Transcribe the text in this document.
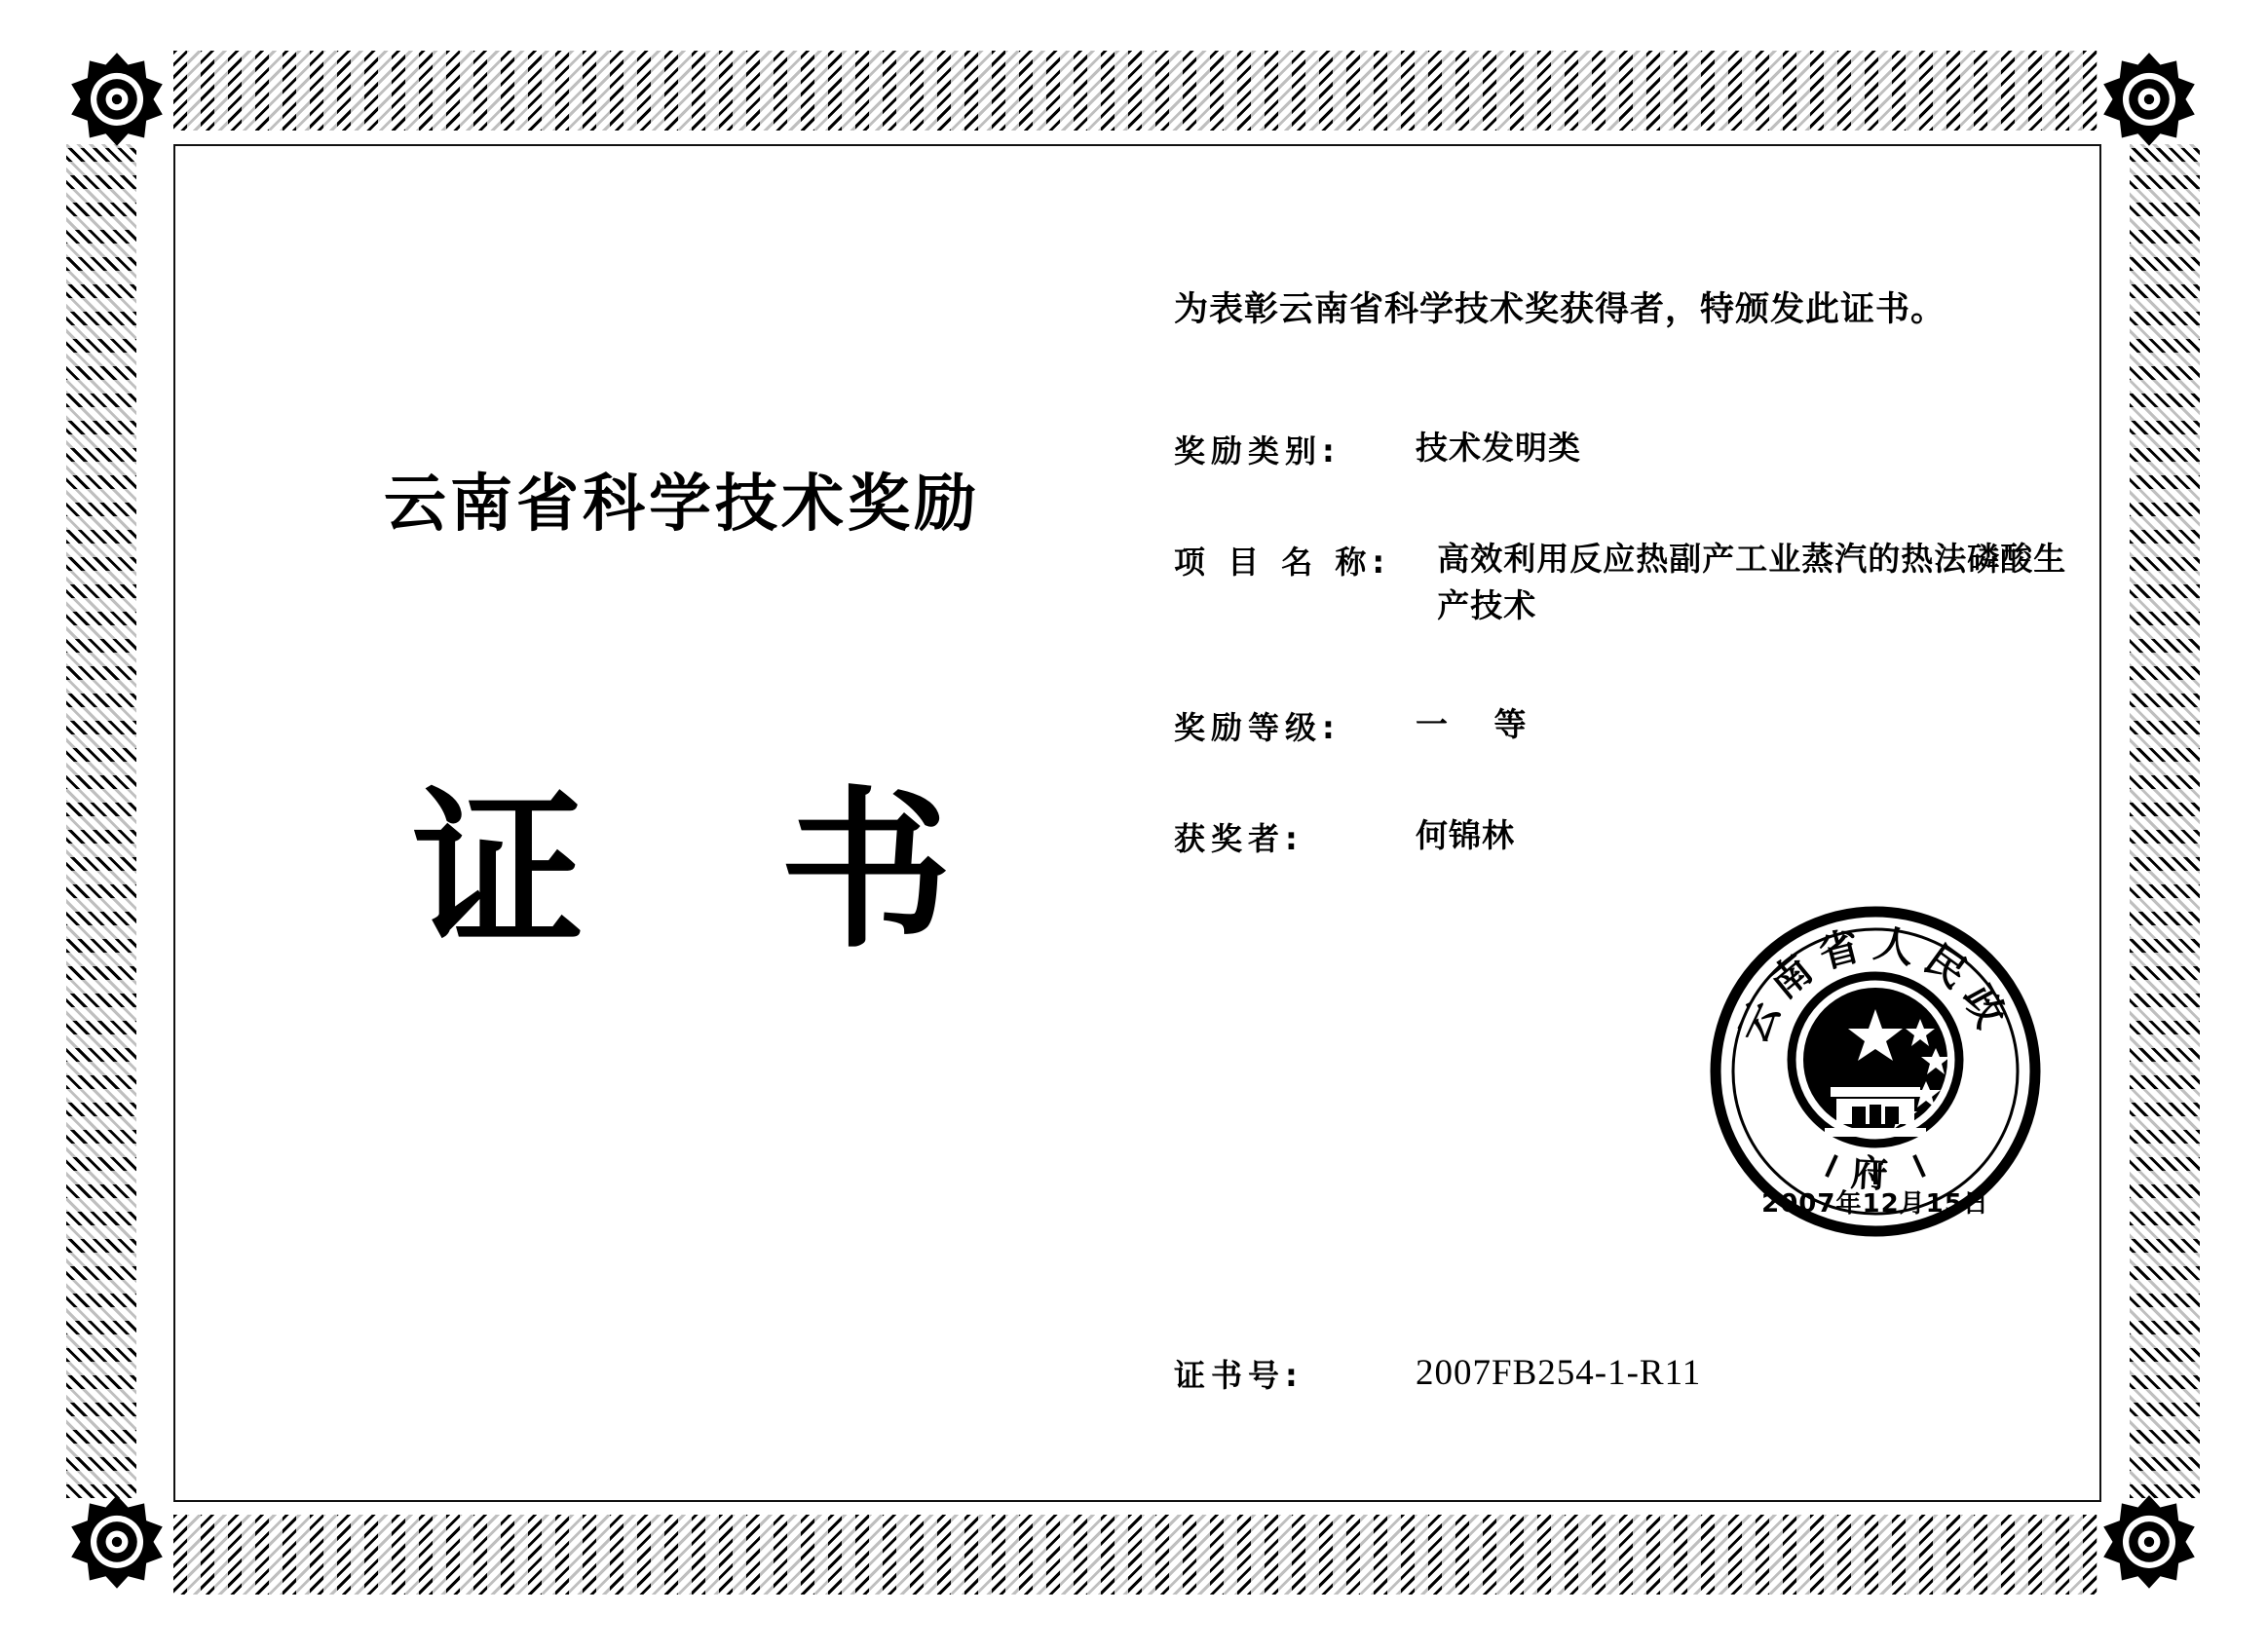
云南省科学技术奖励
证 书
为表彰云南省科学技术奖获得者，特颁发此证书。
奖励类别:	技术发明类
项 目 名 称:	高效利用反应热副产工业蒸汽的热法磷酸生产技术
奖励等级:	一 等
获奖者:	何锦林
证书号:	2007FB254-1-R11
云南省人民政
府
2007年12月15日
